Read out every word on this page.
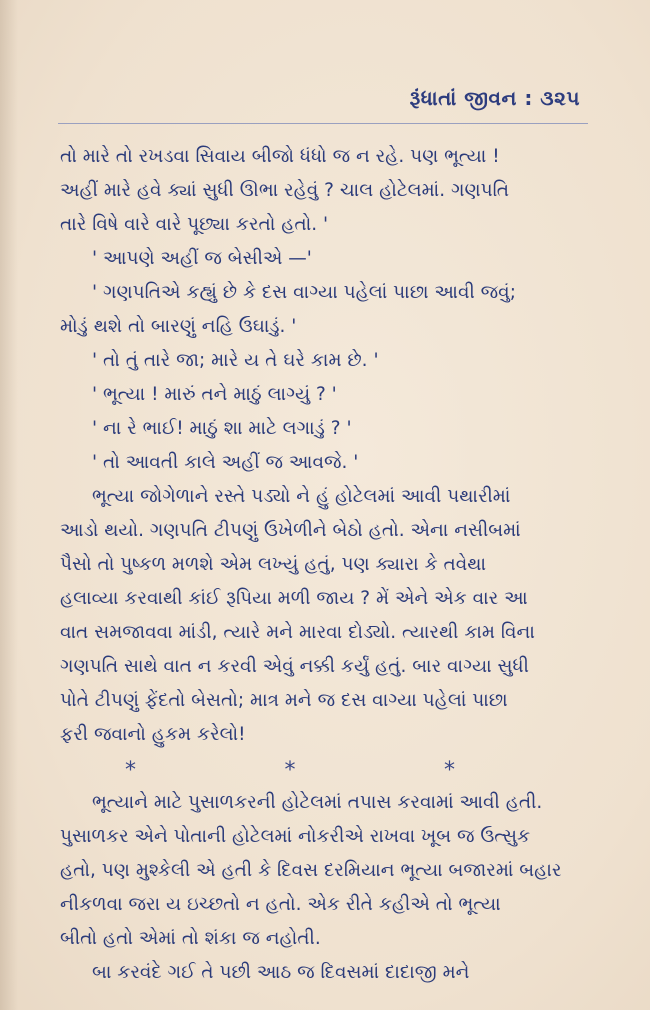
રૂંધાતાં જીવન : ૩૨૫
તો મારે તો રખડવા સિવાય બીજો ધંધો જ ન રહે. પણ ભૂત્યા !
અહીં મારે હવે ક્યાં સુધી ઊભા રહેવું ? ચાલ હોટેલમાં. ગણપતિ
તારે વિષે વારે વારે પૂછ્યા કરતો હતો. '
' આપણે અહીં જ બેસીએ —'
' ગણપતિએ કહ્યું છે કે દસ વાગ્યા પહેલાં પાછા આવી જવું;
મોડું થશે તો બારણું નહિ ઉઘાડું. '
' તો તું તારે જા; મારે ય તે ઘરે કામ છે. '
' ભૂત્યા ! મારું તને માઠું લાગ્યું ? '
' ના રે ભાઈ! માઠું શા માટે લગાડું ? '
' તો આવતી કાલે અહીં જ આવજે. '
ભૂત્યા જોગેળાને રસ્તે પડ્યો ને હું હોટેલમાં આવી પથારીમાં
આડો થયો. ગણપતિ ટીપણું ઉખેળીને બેઠો હતો. એના નસીબમાં
પૈસો તો પુષ્કળ મળશે એમ લખ્યું હતું, પણ ક્યારા કે તવેથા
હલાવ્યા કરવાથી કાંઈ રૂપિયા મળી જાય ? મેં એને એક વાર આ
વાત સમજાવવા માંડી, ત્યારે મને મારવા દોડ્યો. ત્યારથી કામ વિના
ગણપતિ સાથે વાત ન કરવી એવું નક્કી કર્યું હતું. બાર વાગ્યા સુધી
પોતે ટીપણું ફેંદતો બેસતો; માત્ર મને જ દસ વાગ્યા પહેલાં પાછા
ફરી જવાનો હુકમ કરેલો!
*	*	*
ભૂત્યાને માટે પુસાળકરની હોટેલમાં તપાસ કરવામાં આવી હતી.
પુસાળકર એને પોતાની હોટેલમાં નોકરીએ રાખવા ખૂબ જ ઉત્સુક
હતો, પણ મુશ્કેલી એ હતી કે દિવસ દરમિયાન ભૂત્યા બજારમાં બહાર
નીકળવા જરા ય ઇચ્છતો ન હતો. એક રીતે કહીએ તો ભૂત્યા
બીતો હતો એમાં તો શંકા જ નહોતી.
બા કરવંદે ગઈ તે પછી આઠ જ દિવસમાં દાદાજી મને
